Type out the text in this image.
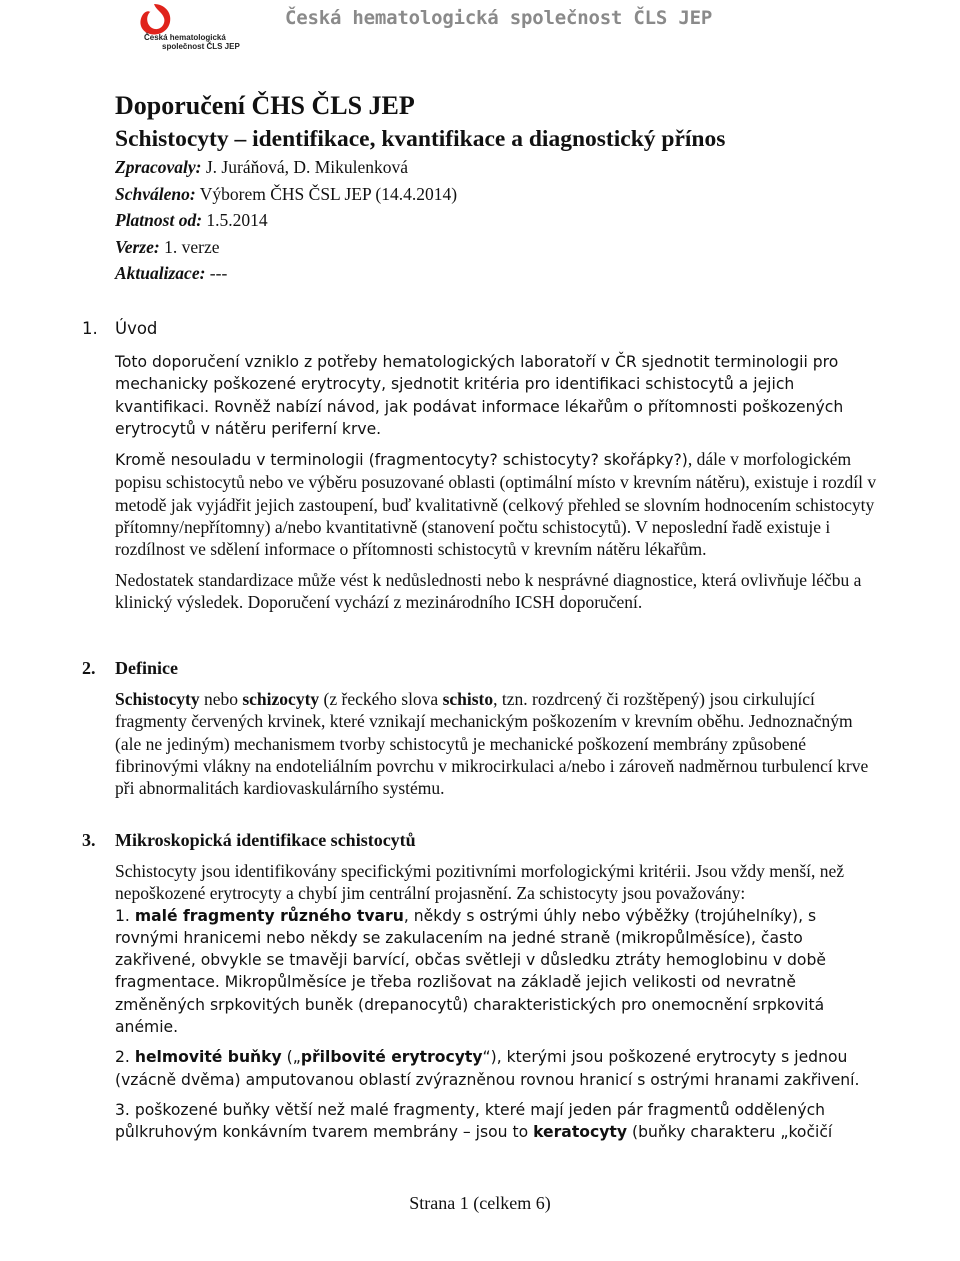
Česká hematologická
společnost ČLS JEP
Česká hematologická společnost ČLS JEP
Doporučení ČHS ČLS JEP
Schistocyty – identifikace, kvantifikace a diagnostický přínos
Zpracovaly: J. Juráňová, D. Mikulenková
Schváleno: Výborem ČHS ČSL JEP (14.4.2014)
Platnost od: 1.5.2014
Verze: 1. verze
Aktualizace: ---
1. Úvod

Toto doporučení vzniklo z potřeby hematologických laboratoří v ČR sjednotit terminologii pro mechanicky poškozené erytrocyty, sjednotit kritéria pro identifikaci schistocytů a jejich kvantifikaci. Rovněž nabízí návod, jak podávat informace lékařům o přítomnosti poškozených erytrocytů v nátěru periferní krve.

Kromě nesouladu v terminologii (fragmentocyty? schistocyty? skořápky?), dále v morfologickém popisu schistocytů nebo ve výběru posuzované oblasti (optimální místo v krevním nátěru), existuje i rozdíl v metodě jak vyjádřit jejich zastoupení, buď kvalitativně (celkový přehled se slovním hodnocením schistocyty přítomny/nepřítomny) a/nebo kvantitativně (stanovení počtu schistocytů). V neposlední řadě existuje i rozdílnost ve sdělení informace o přítomnosti schistocytů v krevním nátěru lékařům.

Nedostatek standardizace může vést k nedůslednosti nebo k nesprávné diagnostice, která ovlivňuje léčbu a klinický výsledek. Doporučení vychází z mezinárodního ICSH doporučení.

2. Definice

Schistocyty nebo schizocyty (z řeckého slova schisto, tzn. rozdrcený či rozštěpený) jsou cirkulující fragmenty červených krvinek, které vznikají mechanickým poškozením v krevním oběhu. Jednoznačným (ale ne jediným) mechanismem tvorby schistocytů je mechanické poškození membrány způsobené fibrinovými vlákny na endoteliálním povrchu v mikrocirkulaci a/nebo i zároveň nadměrnou turbulencí krve při abnormalitách kardiovaskulárního systému.

3. Mikroskopická identifikace schistocytů

Schistocyty jsou identifikovány specifickými pozitivními morfologickými kritérii. Jsou vždy menší, než nepoškozené erytrocyty a chybí jim centrální projasnění. Za schistocyty jsou považovány:

1. malé fragmenty různého tvaru, někdy s ostrými úhly nebo výběžky (trojúhelníky), s rovnými hranicemi nebo někdy se zakulacením na jedné straně (mikropůlměsíce), často zakřivené, obvykle se tmavěji barvící, občas světleji v důsledku ztráty hemoglobinu v době fragmentace. Mikropůlměsíce je třeba rozlišovat na základě jejich velikosti od nevratně změněných srpkovitých buněk (drepanocytů) charakteristických pro onemocnění srpkovitá anémie.

2. helmovité buňky („přilbovité erytrocyty“), kterými jsou poškozené erytrocyty s jednou (vzácně dvěma) amputovanou oblastí zvýrazněnou rovnou hranicí s ostrými hranami zakřivení.

3. poškozené buňky větší než malé fragmenty, které mají jeden pár fragmentů oddělených půlkruhovým konkávním tvarem membrány – jsou to keratocyty (buňky charakteru „kočičí

Strana 1 (celkem 6)
